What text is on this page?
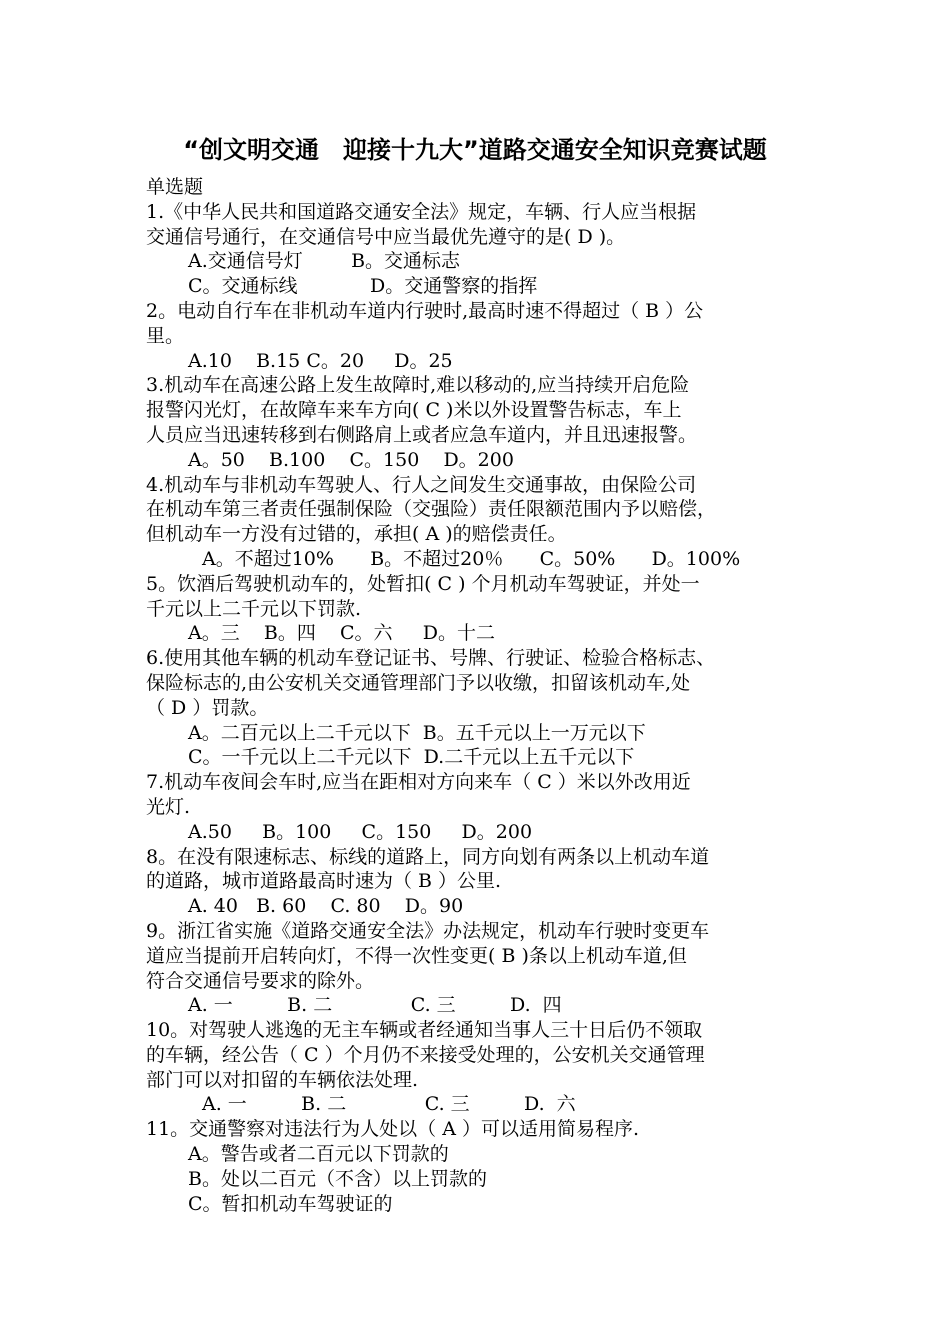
“创文明交通　迎接十九大”道路交通安全知识竞赛试题
单选题
1.《中华人民共和国道路交通安全法》规定，车辆、行人应当根据
交通信号通行，在交通信号中应当最优先遵守的是( D )。
A.交通信号灯        B。交通标志
C。交通标线            D。交通警察的指挥
2。电动自行车在非机动车道内行驶时,最高时速不得超过（ B ）公
里。
A.10    B.15 C。20     D。25
3.机动车在高速公路上发生故障时,难以移动的,应当持续开启危险
报警闪光灯，在故障车来车方向( C )米以外设置警告标志，车上
人员应当迅速转移到右侧路肩上或者应急车道内，并且迅速报警。
A。50    B.100    C。150    D。200
4.机动车与非机动车驾驶人、行人之间发生交通事故，由保险公司
在机动车第三者责任强制保险（交强险）责任限额范围内予以赔偿，
但机动车一方没有过错的，承担( A )的赔偿责任。
A。不超过10%      B。不超过20％      C。50%      D。100%
5。饮酒后驾驶机动车的，处暂扣( C ) 个月机动车驾驶证，并处一
千元以上二千元以下罚款.
A。三    B。四    C。六     D。十二
6.使用其他车辆的机动车登记证书、号牌、行驶证、检验合格标志、
保险标志的,由公安机关交通管理部门予以收缴，扣留该机动车,处
（ D ）罚款。
A。二百元以上二千元以下  B。五千元以上一万元以下
C。一千元以上二千元以下  D.二千元以上五千元以下
7.机动车夜间会车时,应当在距相对方向来车（ C ）米以外改用近
光灯.
A.50     B。100     C。150     D。200
8。在没有限速标志、标线的道路上，同方向划有两条以上机动车道
的道路，城市道路最高时速为（ B ）公里.
A. 40   B. 60    C. 80    D。90
9。浙江省实施《道路交通安全法》办法规定，机动车行驶时变更车
道应当提前开启转向灯，不得一次性变更( B )条以上机动车道,但
符合交通信号要求的除外。
A. 一         B. 二             C. 三         D.  四
10。对驾驶人逃逸的无主车辆或者经通知当事人三十日后仍不领取
的车辆，经公告（ C ）个月仍不来接受处理的，公安机关交通管理
部门可以对扣留的车辆依法处理.
A. 一         B. 二             C. 三         D.  六
11。交通警察对违法行为人处以（ A ）可以适用简易程序.
A。警告或者二百元以下罚款的
B。处以二百元（不含）以上罚款的
C。暂扣机动车驾驶证的
